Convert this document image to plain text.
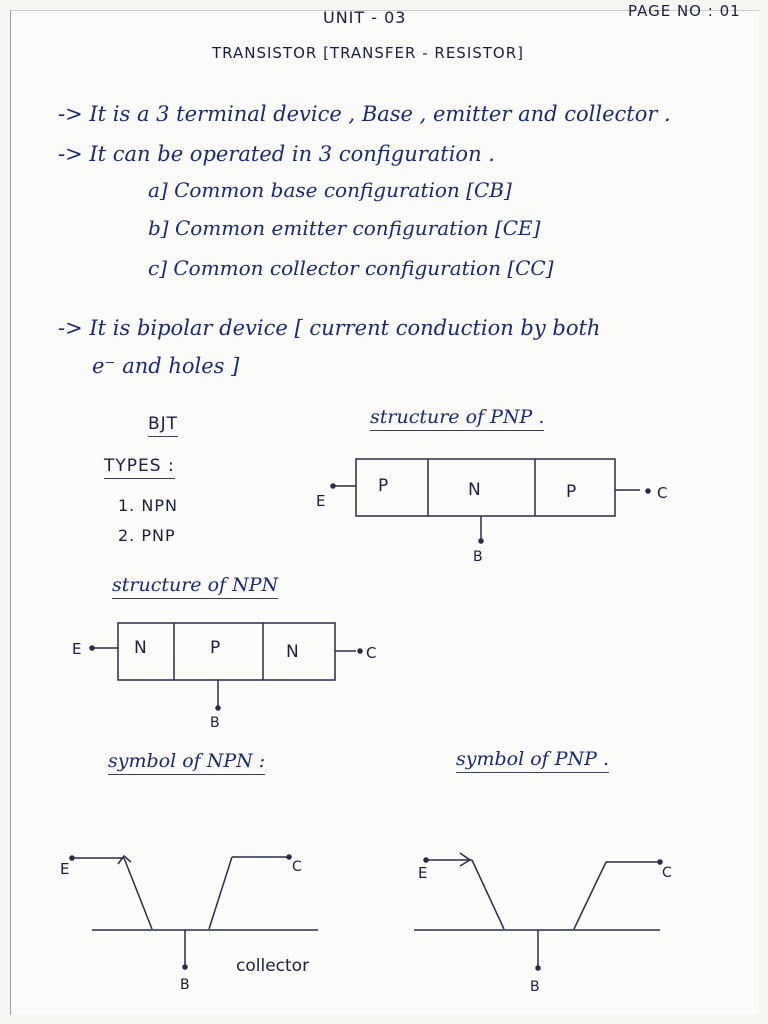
UNIT - 03	PAGE NO : 01
TRANSISTOR [TRANSFER - RESISTOR]
-> It is a 3 terminal device , Base , emitter and collector .
-> It can be operated in 3 configuration .
a] Common base configuration [CB]
b] Common emitter configuration [CE]
c] Common collector configuration [CC]
-> It is bipolar device [ current conduction by both
e⁻ and holes ]
BJT
TYPES :
1. NPN
2. PNP
structure of PNP .
P	N	P
E	C
B
structure of NPN
N	P	N
E	C
B
symbol of NPN :	symbol of PNP .
E	C
B
collector
E	C
B
